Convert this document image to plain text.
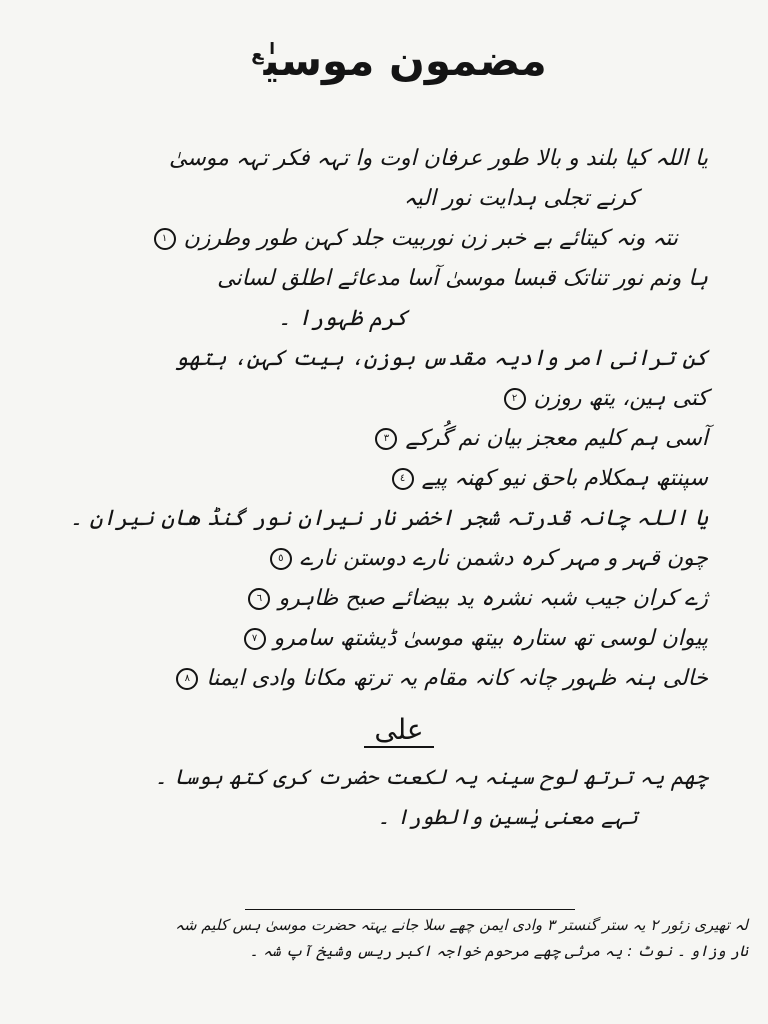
مضمون موسیٰ$^ع$
یا اللہ کیا بلند و بالا طور عرفان اوت وا تہہ فکر تہہ موسیٰ
کرنے تجلی ہدایت نور الیہ
نتہ ونہ کیتائے بے خبر زن نوربیت جلد کہن طور وطرزن١
ہا ونم نور تناتک قبسا موسیٰ آسا مدعائے اطلق لسانی
کرم ظہورا ۔
کن ترانی امر وادیہ مقدس بوزن، ہیت کہن، ہتھو
کتی ہین، یتھ روزن٢
آسی ہم کلیم معجز بیان نم گُرکے٣
سپنتھ ہمکلام باحق نیو کھنہ پیے٤
یا اللہ چانہ قدرتہ شجر اخضر نار نیران نور گنڈ ھان نیران ۔
چون قہر و مہر کرہ دشمن نارے دوستن نارے٥
ژے کران جیب شبہ نشرہ ید بیضائے صبح ظاہرو٦
پیوان لوسی تھ ستارہ بیتھ موسیٰ ڈیشتھ سامرو٧
خالی ہنہ ظہور چانہ کانہ مقام یہ ترتھ مکانا وادی ایمنا٨
علی
چھم یہ ترتھ لوح سینہ یہ لکعت حضرت کری کتھ ہوسا ۔
تہے معنی یٰسین والطورا ۔
لہ تھیری زئور ۲ یہ ستر گنستر ۳ وادی ایمن چھے سلا جانے یہتہ حضرت موسیٰ ہس کلیم شہ
نار وزاو ۔ نوٹ : یہ مرثی چھے مرحوم خواجہ اکبر ریس وشیخ آپ شہ ۔
